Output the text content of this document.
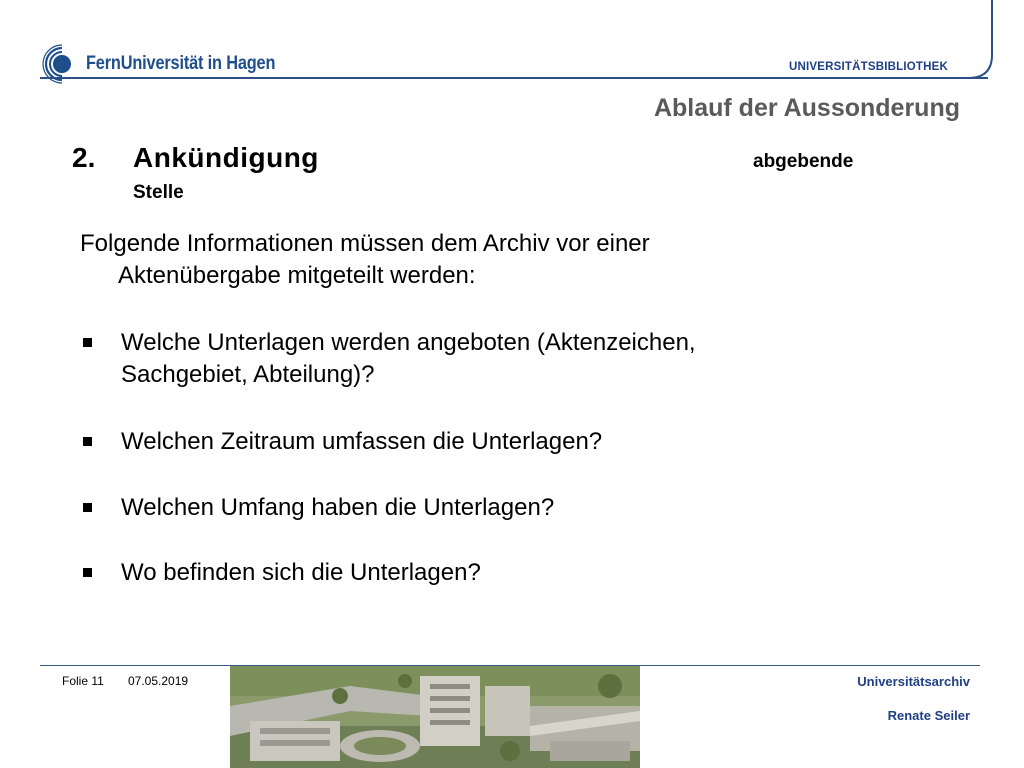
FernUniversität in Hagen	UNIVERSITÄTSBIBLIOTHEK
Ablauf der Aussonderung
2. Ankündigung	abgebende
Stelle
Folgende Informationen müssen dem Archiv vor einer
Aktenübergabe mitgeteilt werden:
Welche Unterlagen werden angeboten (Aktenzeichen,
Sachgebiet, Abteilung)?
Welchen Zeitraum umfassen die Unterlagen?
Welchen Umfang haben die Unterlagen?
Wo befinden sich die Unterlagen?
Folie 11 07.05.2019	Universitätsarchiv
Renate Seiler
